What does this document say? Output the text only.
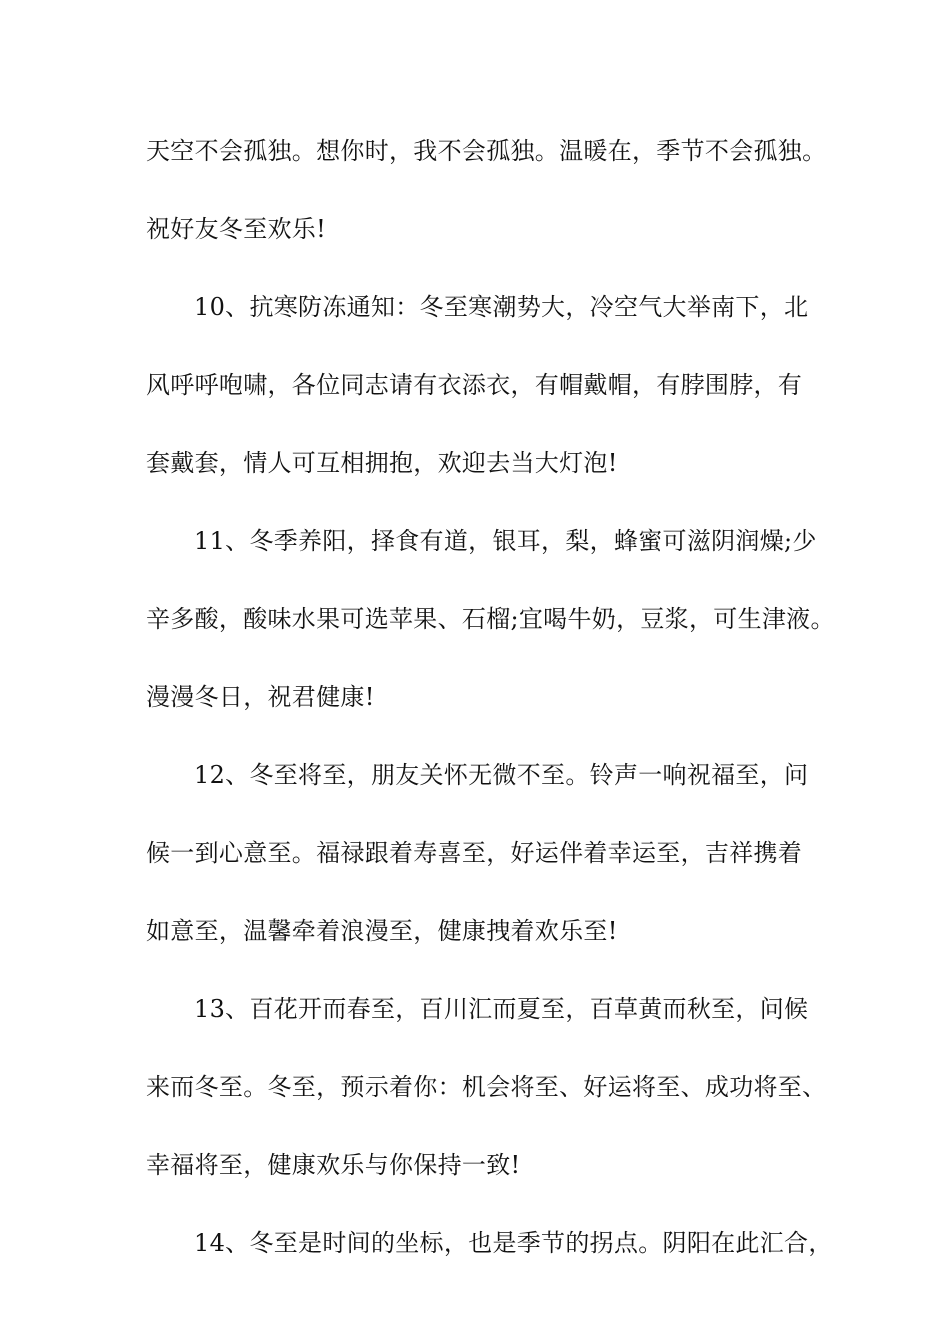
天空不会孤独。想你时，我不会孤独。温暖在，季节不会孤独。
祝好友冬至欢乐!
10、抗寒防冻通知：冬至寒潮势大，冷空气大举南下，北
风呼呼咆啸，各位同志请有衣添衣，有帽戴帽，有脖围脖，有
套戴套，情人可互相拥抱，欢迎去当大灯泡!
11、冬季养阳，择食有道，银耳，梨，蜂蜜可滋阴润燥;少
辛多酸，酸味水果可选苹果、石榴;宜喝牛奶，豆浆，可生津液。
漫漫冬日，祝君健康!
12、冬至将至，朋友关怀无微不至。铃声一响祝福至，问
候一到心意至。福禄跟着寿喜至，好运伴着幸运至，吉祥携着
如意至，温馨牵着浪漫至，健康拽着欢乐至!
13、百花开而春至，百川汇而夏至，百草黄而秋至，问候
来而冬至。冬至，预示着你：机会将至、好运将至、成功将至、
幸福将至，健康欢乐与你保持一致!
14、冬至是时间的坐标，也是季节的拐点。阴阳在此汇合，
